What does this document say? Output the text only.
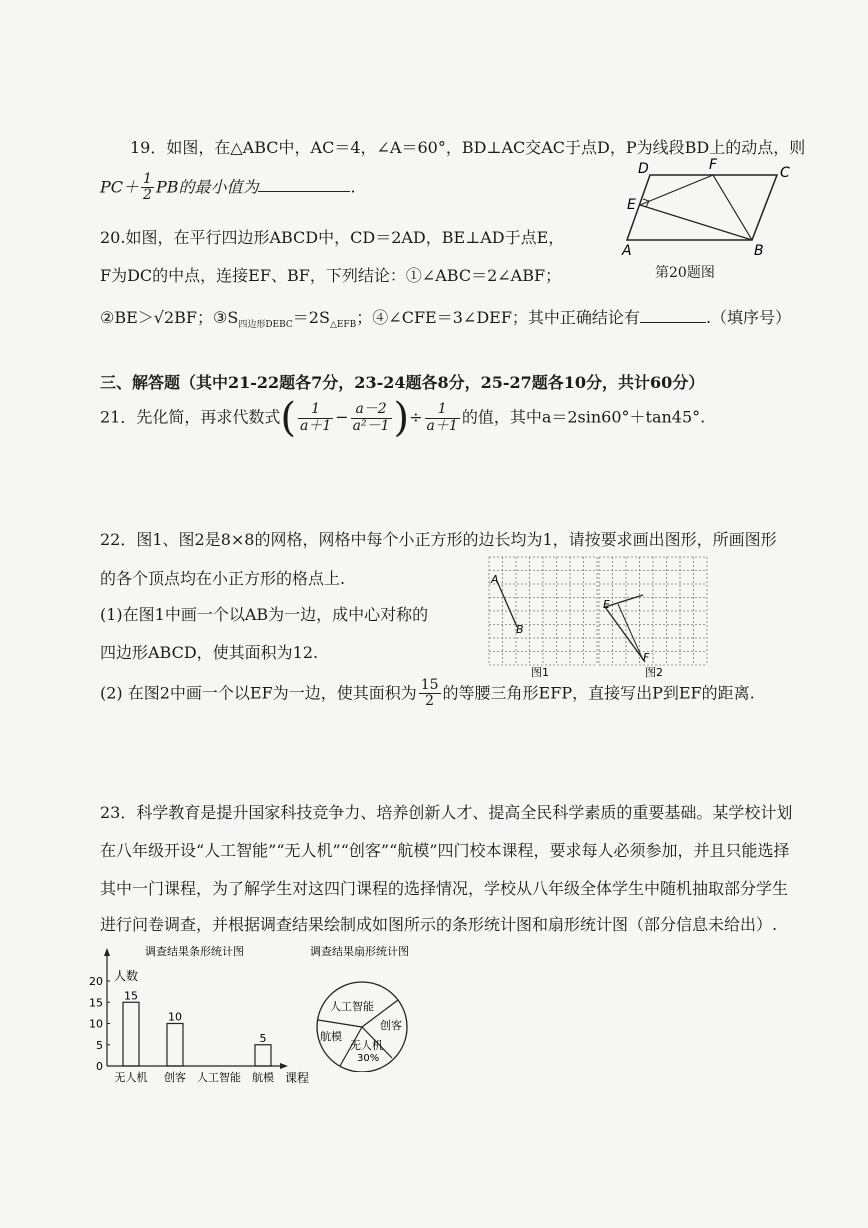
19．如图，在△ABC中，AC＝4，∠A＝60°，BD⊥AC交AC于点D，P为线段BD上的动点，则
$PC+ \frac{1}{2}$ PB的最小值为	.
20.如图，在平行四边形ABCD中，CD＝2AD，BE⊥AD于点E，
F为DC的中点，连接EF、BF，下列结论：①∠ABC＝2∠ABF；
②BE＞√2BF；$③S_{四边形DEBC}=2S_{\triangle EFB}$；④∠CFE＝3∠DEF；其中正确结论有	.（填序号）
D	F	C
E
A	B
第20题图
三、解答题（其中21-22题各7分，23-24题各8分，25-27题各10分，共计60分）
21．先化简，再求代数式( $\frac{1}{a+1} - \frac{a-2}{\text{a²－1}}$ )÷ $\frac{1}{a+1}$ 的值，其中a＝2sin60°＋tan45°.
22．图1、图2是8×8的网格，网格中每个小正方形的边长均为1，请按要求画出图形，所画图形
的各个顶点均在小正方形的格点上.
(1)在图1中画一个以AB为一边，成中心对称的
四边形ABCD，使其面积为12.
(2) 在图2中画一个以EF为一边，使其面积为 $\frac{15}{2}$ 的等腰三角形EFP，直接写出P到EF的距离.
A
B
E
F
图1	图2
23．科学教育是提升国家科技竞争力、培养创新人才、提高全民科学素质的重要基础。某学校计划
在八年级开设“人工智能”“无人机”“创客”“航模”四门校本课程，要求每人必须参加，并且只能选择
其中一门课程，为了解学生对这四门课程的选择情况，学校从八年级全体学生中随机抽取部分学生
进行问卷调查，并根据调查结果绘制成如图所示的条形统计图和扇形统计图（部分信息未给出）.
调查结果条形统计图
人数
课程
0
5
10
15
20
15
无人机
10
创客 人工智能
5
航模
调查结果扇形统计图
人工智能
创客
无人机
30%
航模
